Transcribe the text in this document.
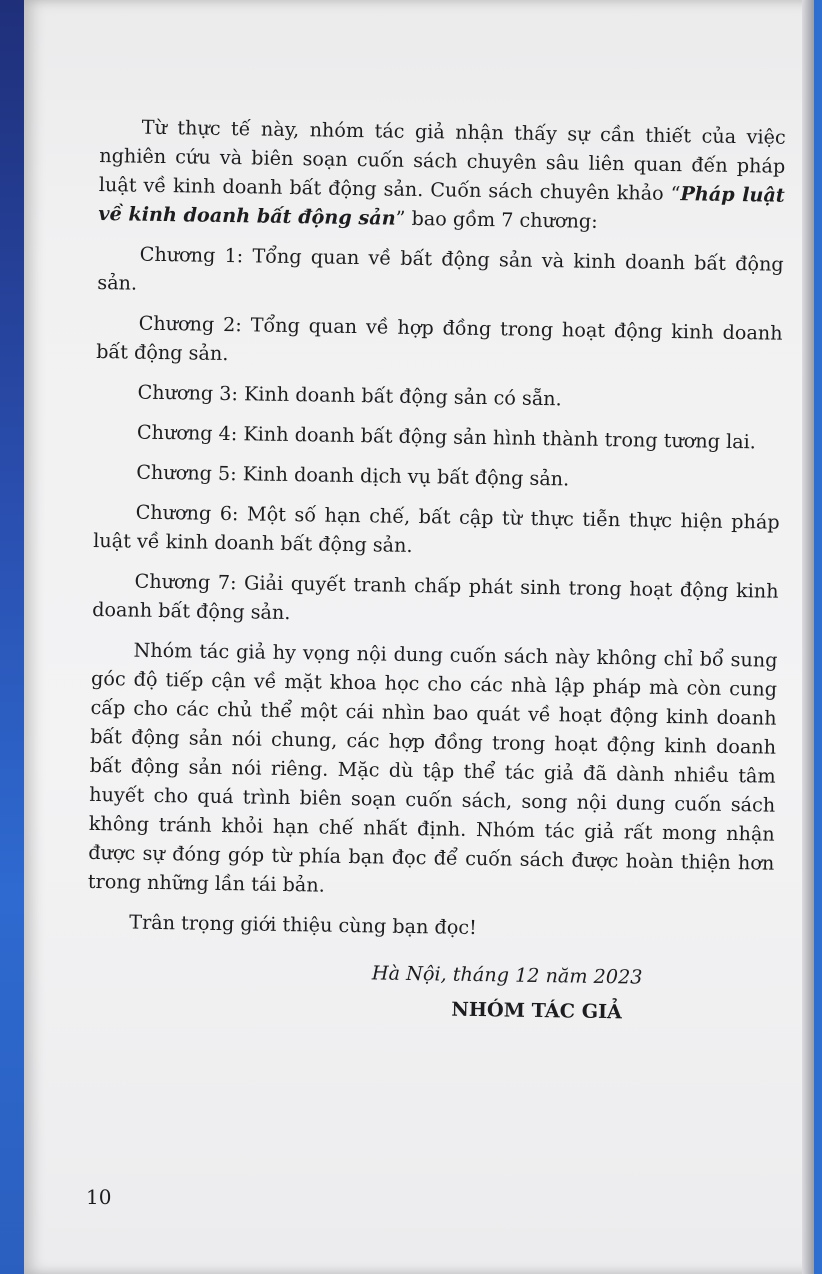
Từ thực tế này, nhóm tác giả nhận thấy sự cần thiết của việc nghiên cứu và biên soạn cuốn sách chuyên sâu liên quan đến pháp luật về kinh doanh bất động sản. Cuốn sách chuyên khảo “Pháp luật về kinh doanh bất động sản” bao gồm 7 chương:

Chương 1: Tổng quan về bất động sản và kinh doanh bất động sản.

Chương 2: Tổng quan về hợp đồng trong hoạt động kinh doanh bất động sản.

Chương 3: Kinh doanh bất động sản có sẵn.

Chương 4: Kinh doanh bất động sản hình thành trong tương lai.

Chương 5: Kinh doanh dịch vụ bất động sản.

Chương 6: Một số hạn chế, bất cập từ thực tiễn thực hiện pháp luật về kinh doanh bất động sản.

Chương 7: Giải quyết tranh chấp phát sinh trong hoạt động kinh doanh bất động sản.

Nhóm tác giả hy vọng nội dung cuốn sách này không chỉ bổ sung góc độ tiếp cận về mặt khoa học cho các nhà lập pháp mà còn cung cấp cho các chủ thể một cái nhìn bao quát về hoạt động kinh doanh bất động sản nói chung, các hợp đồng trong hoạt động kinh doanh bất động sản nói riêng. Mặc dù tập thể tác giả đã dành nhiều tâm huyết cho quá trình biên soạn cuốn sách, song nội dung cuốn sách không tránh khỏi hạn chế nhất định. Nhóm tác giả rất mong nhận được sự đóng góp từ phía bạn đọc để cuốn sách được hoàn thiện hơn trong những lần tái bản.

Trân trọng giới thiệu cùng bạn đọc!

Hà Nội, tháng 12 năm 2023
NHÓM TÁC GIẢ
10
